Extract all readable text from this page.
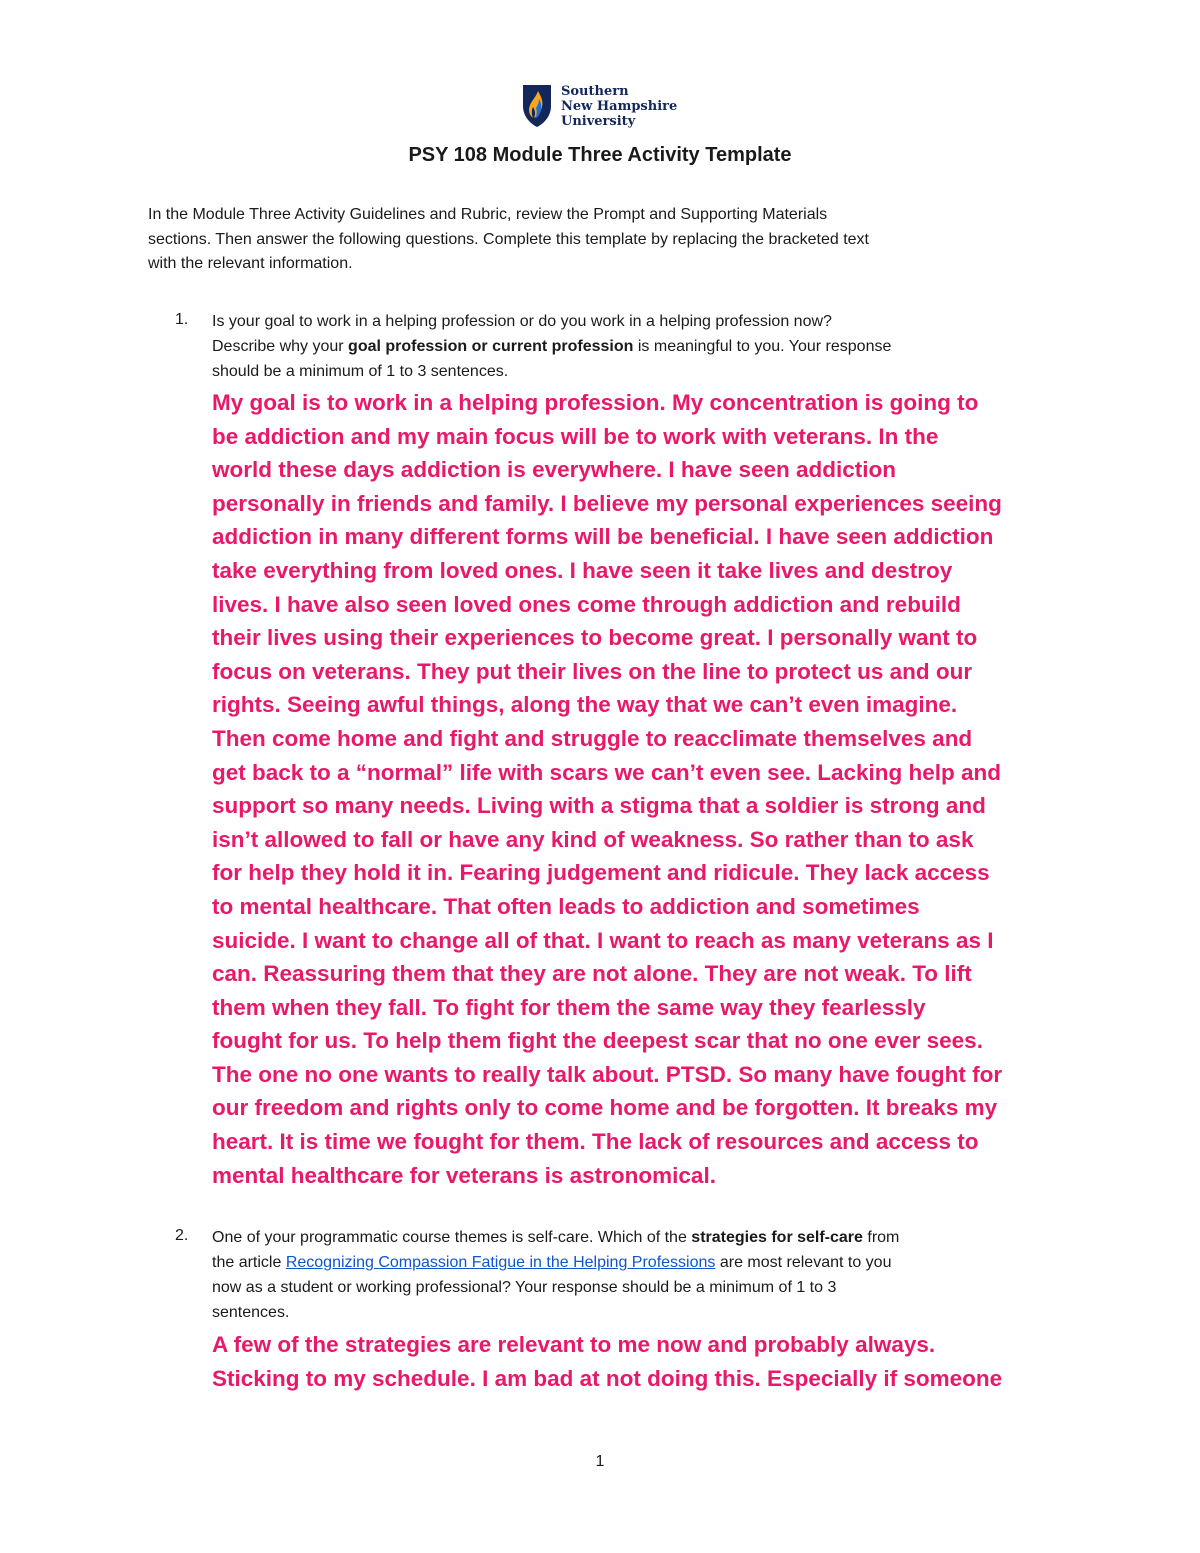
Southern
New Hampshire
University
PSY 108 Module Three Activity Template
In the Module Three Activity Guidelines and Rubric, review the Prompt and Supporting Materials
sections. Then answer the following questions. Complete this template by replacing the bracketed text
with the relevant information.
1. Is your goal to work in a helping profession or do you work in a helping profession now?
Describe why your goal profession or current profession is meaningful to you. Your response
should be a minimum of 1 to 3 sentences.
My goal is to work in a helping profession. My concentration is going to
be addiction and my main focus will be to work with veterans. In the
world these days addiction is everywhere. I have seen addiction
personally in friends and family. I believe my personal experiences seeing
addiction in many different forms will be beneficial. I have seen addiction
take everything from loved ones. I have seen it take lives and destroy
lives. I have also seen loved ones come through addiction and rebuild
their lives using their experiences to become great. I personally want to
focus on veterans. They put their lives on the line to protect us and our
rights. Seeing awful things, along the way that we can’t even imagine.
Then come home and fight and struggle to reacclimate themselves and
get back to a “normal” life with scars we can’t even see. Lacking help and
support so many needs. Living with a stigma that a soldier is strong and
isn’t allowed to fall or have any kind of weakness. So rather than to ask
for help they hold it in. Fearing judgement and ridicule. They lack access
to mental healthcare. That often leads to addiction and sometimes
suicide. I want to change all of that. I want to reach as many veterans as I
can. Reassuring them that they are not alone. They are not weak. To lift
them when they fall. To fight for them the same way they fearlessly
fought for us. To help them fight the deepest scar that no one ever sees.
The one no one wants to really talk about. PTSD. So many have fought for
our freedom and rights only to come home and be forgotten. It breaks my
heart. It is time we fought for them. The lack of resources and access to
mental healthcare for veterans is astronomical.
2. One of your programmatic course themes is self-care. Which of the strategies for self-care from
the article Recognizing Compassion Fatigue in the Helping Professions are most relevant to you
now as a student or working professional? Your response should be a minimum of 1 to 3
sentences.
A few of the strategies are relevant to me now and probably always.
Sticking to my schedule. I am bad at not doing this. Especially if someone
1
